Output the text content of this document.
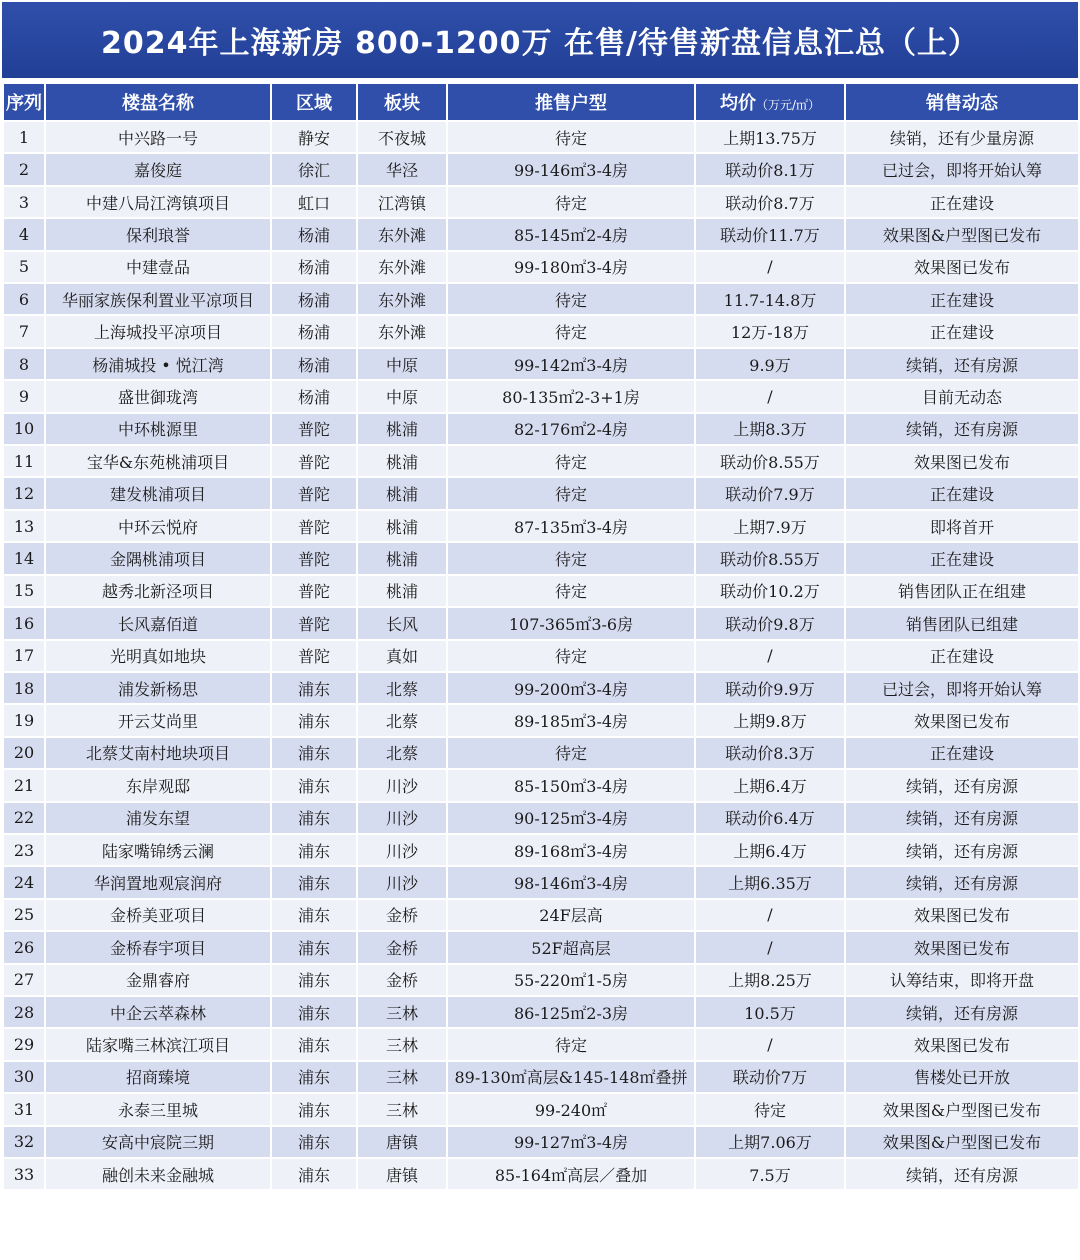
2024年上海新房 800-1200万 在售/待售新盘信息汇总（上）
序列	楼盘名称	区域	板块	推售户型	均价（万元/㎡）	销售动态
1	中兴路一号	静安	不夜城	待定	上期13.75万	续销，还有少量房源
2	嘉俊庭	徐汇	华泾	99-146㎡3-4房	联动价8.1万	已过会，即将开始认筹
3	中建八局江湾镇项目	虹口	江湾镇	待定	联动价8.7万	正在建设
4	保利琅誉	杨浦	东外滩	85-145㎡2-4房	联动价11.7万	效果图&户型图已发布
5	中建壹品	杨浦	东外滩	99-180㎡3-4房	/	效果图已发布
6	华丽家族保利置业平凉项目	杨浦	东外滩	待定	11.7-14.8万	正在建设
7	上海城投平凉项目	杨浦	东外滩	待定	12万-18万	正在建设
8	杨浦城投 • 悦江湾	杨浦	中原	99-142㎡3-4房	9.9万	续销，还有房源
9	盛世御珑湾	杨浦	中原	80-135㎡2-3+1房	/	目前无动态
10	中环桃源里	普陀	桃浦	82-176㎡2-4房	上期8.3万	续销，还有房源
11	宝华&东苑桃浦项目	普陀	桃浦	待定	联动价8.55万	效果图已发布
12	建发桃浦项目	普陀	桃浦	待定	联动价7.9万	正在建设
13	中环云悦府	普陀	桃浦	87-135㎡3-4房	上期7.9万	即将首开
14	金隅桃浦项目	普陀	桃浦	待定	联动价8.55万	正在建设
15	越秀北新泾项目	普陀	桃浦	待定	联动价10.2万	销售团队正在组建
16	长风嘉佰道	普陀	长风	107-365㎡3-6房	联动价9.8万	销售团队已组建
17	光明真如地块	普陀	真如	待定	/	正在建设
18	浦发新杨思	浦东	北蔡	99-200㎡3-4房	联动价9.9万	已过会，即将开始认筹
19	开云艾尚里	浦东	北蔡	89-185㎡3-4房	上期9.8万	效果图已发布
20	北蔡艾南村地块项目	浦东	北蔡	待定	联动价8.3万	正在建设
21	东岸观邸	浦东	川沙	85-150㎡3-4房	上期6.4万	续销，还有房源
22	浦发东望	浦东	川沙	90-125㎡3-4房	联动价6.4万	续销，还有房源
23	陆家嘴锦绣云澜	浦东	川沙	89-168㎡3-4房	上期6.4万	续销，还有房源
24	华润置地观宸润府	浦东	川沙	98-146㎡3-4房	上期6.35万	续销，还有房源
25	金桥美亚项目	浦东	金桥	24F层高	/	效果图已发布
26	金桥春宇项目	浦东	金桥	52F超高层	/	效果图已发布
27	金鼎睿府	浦东	金桥	55-220㎡1-5房	上期8.25万	认筹结束，即将开盘
28	中企云萃森林	浦东	三林	86-125㎡2-3房	10.5万	续销，还有房源
29	陆家嘴三林滨江项目	浦东	三林	待定	/	效果图已发布
30	招商臻境	浦东	三林	89-130㎡高层&145-148㎡叠拼	联动价7万	售楼处已开放
31	永泰三里城	浦东	三林	99-240㎡	待定	效果图&户型图已发布
32	安高中宸院三期	浦东	唐镇	99-127㎡3-4房	上期7.06万	效果图&户型图已发布
33	融创未来金融城	浦东	唐镇	85-164㎡高层／叠加	7.5万	续销，还有房源
